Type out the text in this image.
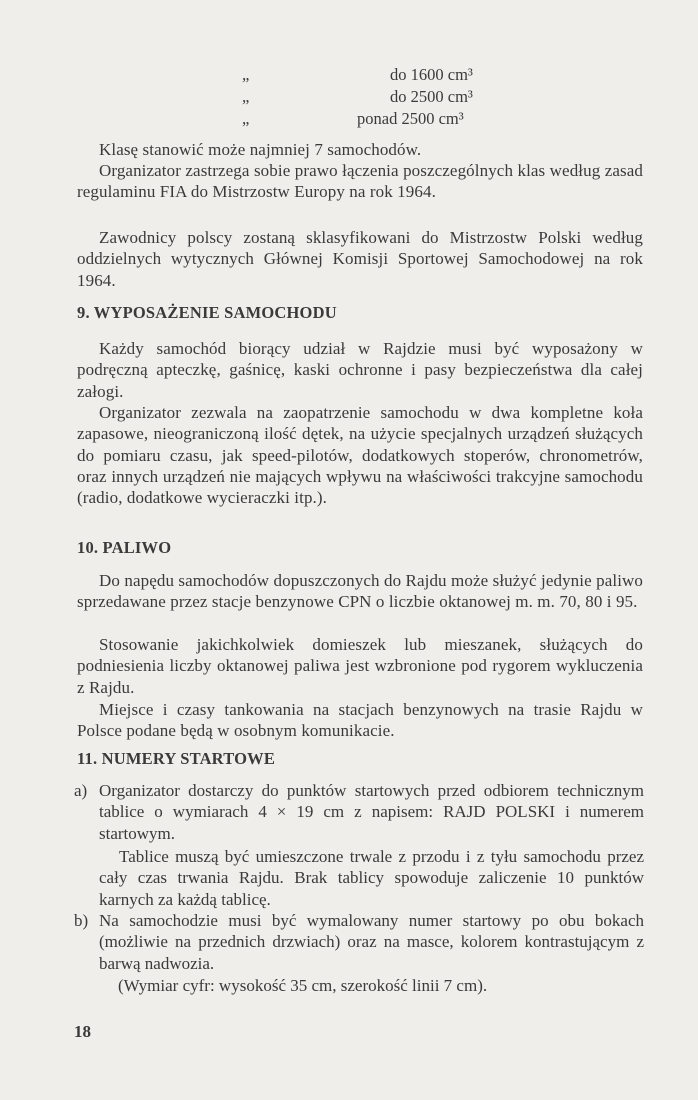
„	do 1600 cm³
„	do 2500 cm³
„	ponad 2500 cm³

Klasę stanowić może najmniej 7 samochodów.

Organizator zastrzega sobie prawo łączenia poszczególnych klas według zasad regulaminu FIA do Mistrzostw Europy na rok 1964.

Zawodnicy polscy zostaną sklasyfikowani do Mistrzostw Polski według oddzielnych wytycznych Głównej Komisji Sportowej Samochodowej na rok 1964.

9. WYPOSAŻENIE SAMOCHODU

Każdy samochód biorący udział w Rajdzie musi być wyposażony w podręczną apteczkę, gaśnicę, kaski ochronne i pasy bezpieczeństwa dla całej załogi.

Organizator zezwala na zaopatrzenie samochodu w dwa kompletne koła zapasowe, nieograniczoną ilość dętek, na użycie specjalnych urządzeń służących do pomiaru czasu, jak speed-pilotów, dodatkowych stoperów, chronometrów, oraz innych urządzeń nie mających wpływu na właściwości trakcyjne samochodu (radio, dodatkowe wycieraczki itp.).

10. PALIWO

Do napędu samochodów dopuszczonych do Rajdu może służyć jedynie paliwo sprzedawane przez stacje benzynowe CPN o liczbie oktanowej m. m. 70, 80 i 95.

Stosowanie jakichkolwiek domieszek lub mieszanek, służących do podniesienia liczby oktanowej paliwa jest wzbronione pod rygorem wykluczenia z Rajdu.

Miejsce i czasy tankowania na stacjach benzynowych na trasie Rajdu w Polsce podane będą w osobnym komunikacie.

11. NUMERY STARTOWE
a) Organizator dostarczy do punktów startowych przed odbiorem technicznym tablice o wymiarach 4 × 19 cm z napisem: RAJD POLSKI i numerem startowym.

Tablice muszą być umieszczone trwale z przodu i z tyłu samochodu przez cały czas trwania Rajdu. Brak tablicy spowoduje zaliczenie 10 punktów karnych za każdą tablicę.

b) Na samochodzie musi być wymalowany numer startowy po obu bokach (możliwie na przednich drzwiach) oraz na masce, kolorem kontrastującym z barwą nadwozia.

(Wymiar cyfr: wysokość 35 cm, szerokość linii 7 cm).

18
